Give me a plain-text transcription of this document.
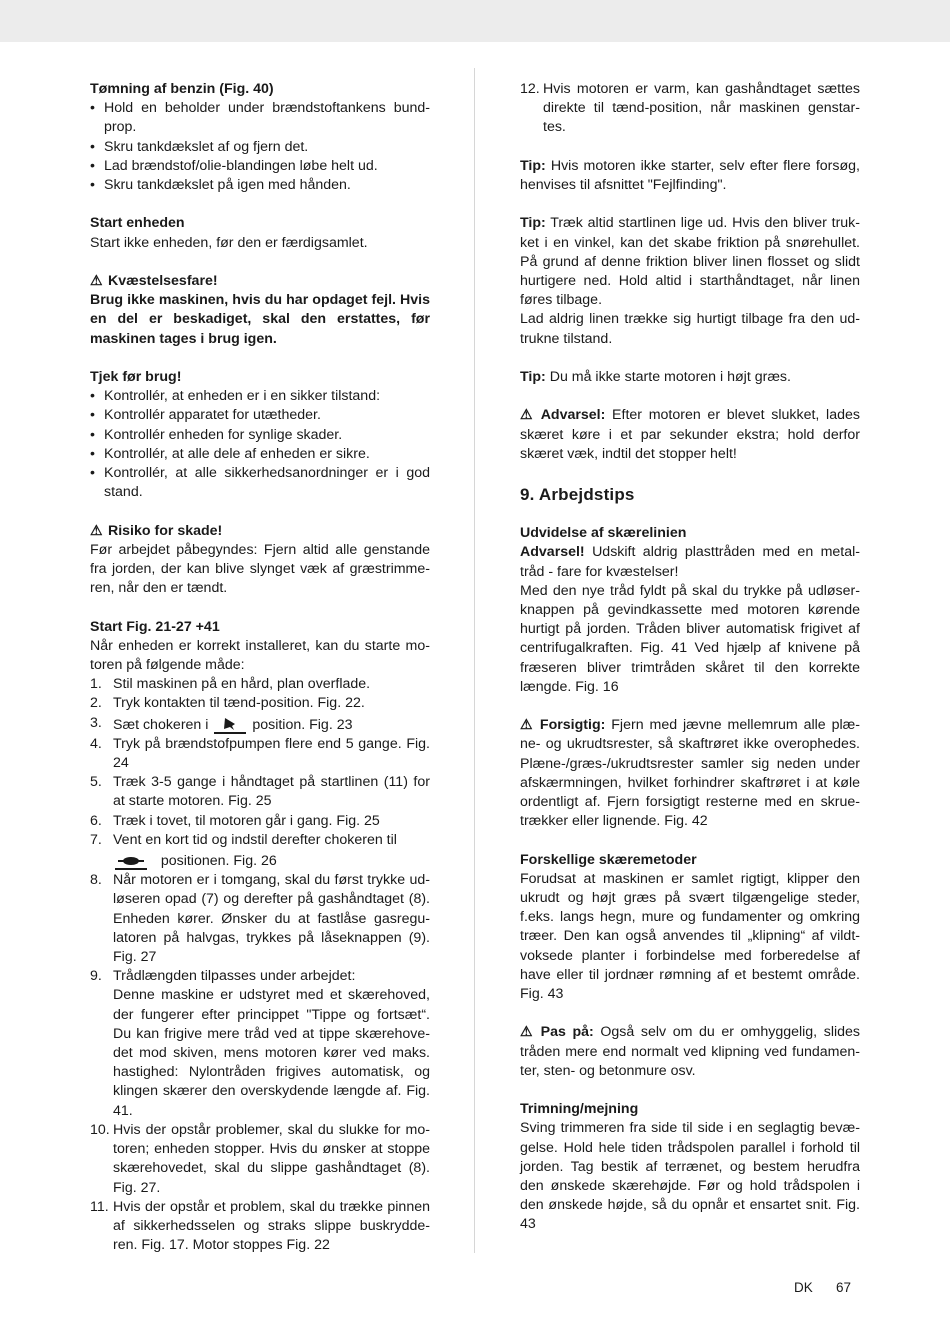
Tømning af benzin (Fig. 40)

• Hold en beholder under brændstoftankens bund-prop.
• Skru tankdækslet af og fjern det.
• Lad brændstof/olie-blandingen løbe helt ud.
• Skru tankdækslet på igen med hånden.

Start enheden

Start ikke enheden, før den er færdigsamlet.

⚠ Kvæstelsesfare!

Brug ikke maskinen, hvis du har opdaget fejl. Hvis en del er beskadiget, skal den erstattes, før maskinen tages i brug igen.

Tjek før brug!

• Kontrollér, at enheden er i en sikker tilstand:
• Kontrollér apparatet for utætheder.
• Kontrollér enheden for synlige skader.
• Kontrollér, at alle dele af enheden er sikre.
• Kontrollér, at alle sikkerhedsanordninger er i god stand.

⚠ Risiko for skade!

Før arbejdet påbegyndes: Fjern altid alle genstande fra jorden, der kan blive slynget væk af græstrimme-ren, når den er tændt.

Start Fig. 21-27 +41

Når enheden er korrekt installeret, kan du starte mo-toren på følgende måde:

1. Stil maskinen på en hård, plan overflade.
2. Tryk kontakten til tænd-position. Fig. 22.
3. Sæt chokeren i	position. Fig. 23
4. Tryk på brændstofpumpen flere end 5 gange. Fig. 24
5. Træk 3-5 gange i håndtaget på startlinen (11) for at starte motoren. Fig. 25
6. Træk i tovet, til motoren går i gang. Fig. 25
7. Vent en kort tid og indstil derefter chokeren til

positionen. Fig. 26
8. Når motoren er i tomgang, skal du først trykke ud-løseren opad (7) og derefter på gashåndtaget (8). Enheden kører. Ønsker du at fastlåse gasregu-latoren på halvgas, trykkes på låseknappen (9). Fig. 27
9. Trådlængden tilpasses under arbejdet:
Denne maskine er udstyret med et skærehoved, der fungerer efter princippet "Tippe og fortsæt“. Du kan frigive mere tråd ved at tippe skærehove-det mod skiven, mens motoren kører ved maks. hastighed: Nylontråden frigives automatisk, og klingen skærer den overskydende længde af. Fig. 41.
10. Hvis der opstår problemer, skal du slukke for mo-toren; enheden stopper. Hvis du ønsker at stoppe skærehovedet, skal du slippe gashåndtaget (8). Fig. 27.
11. Hvis der opstår et problem, skal du trække pinnen af sikkerhedsselen og straks slippe buskrydde-ren. Fig. 17. Motor stoppes Fig. 22
12. Hvis motoren er varm, kan gashåndtaget sættes direkte til tænd-position, når maskinen genstar-tes.

Tip: Hvis motoren ikke starter, selv efter flere forsøg, henvises til afsnittet "Fejlfinding".

Tip: Træk altid startlinen lige ud. Hvis den bliver truk-ket i en vinkel, kan det skabe friktion på snørehullet. På grund af denne friktion bliver linen flosset og slidt hurtigere ned. Hold altid i starthåndtaget, når linen føres tilbage.

Lad aldrig linen trække sig hurtigt tilbage fra den ud-trukne tilstand.

Tip: Du må ikke starte motoren i højt græs.

⚠ Advarsel: Efter motoren er blevet slukket, lades skæret køre i et par sekunder ekstra; hold derfor skæret væk, indtil det stopper helt!

9. Arbejdstips

Udvidelse af skærelinien

Advarsel! Udskift aldrig plasttråden med en metal-tråd - fare for kvæstelser!

Med den nye tråd fyldt på skal du trykke på udløser-knappen på gevindkassette med motoren kørende hurtigt på jorden. Tråden bliver automatisk frigivet af centrifugalkraften. Fig. 41 Ved hjælp af knivene på fræseren bliver trimtråden skåret til den korrekte længde. Fig. 16

⚠ Forsigtig: Fjern med jævne mellemrum alle plæ-ne- og ukrudtsrester, så skaftrøret ikke overophedes. Plæne-/græs-/ukrudtsrester samler sig neden under afskærmningen, hvilket forhindrer skaftrøret i at køle ordentligt af. Fjern forsigtigt resterne med en skrue-trækker eller lignende. Fig. 42

Forskellige skæremetoder

Forudsat at maskinen er samlet rigtigt, klipper den ukrudt og højt græs på svært tilgængelige steder, f.eks. langs hegn, mure og fundamenter og omkring træer. Den kan også anvendes til „klipning“ af vildt-voksede planter i forbindelse med forberedelse af have eller til jordnær rømning af et bestemt område. Fig. 43

⚠ Pas på: Også selv om du er omhyggelig, slides tråden mere end normalt ved klipning ved fundamen-ter, sten- og betonmure osv.

Trimning/mejning

Sving trimmeren fra side til side i en seglagtig bevæ-gelse. Hold hele tiden trådspolen parallel i forhold til jorden. Tag bestik af terrænet, og bestem herudfra den ønskede skærehøjde. Før og hold trådspolen i den ønskede højde, så du opnår et ensartet snit. Fig. 43

DK 67
